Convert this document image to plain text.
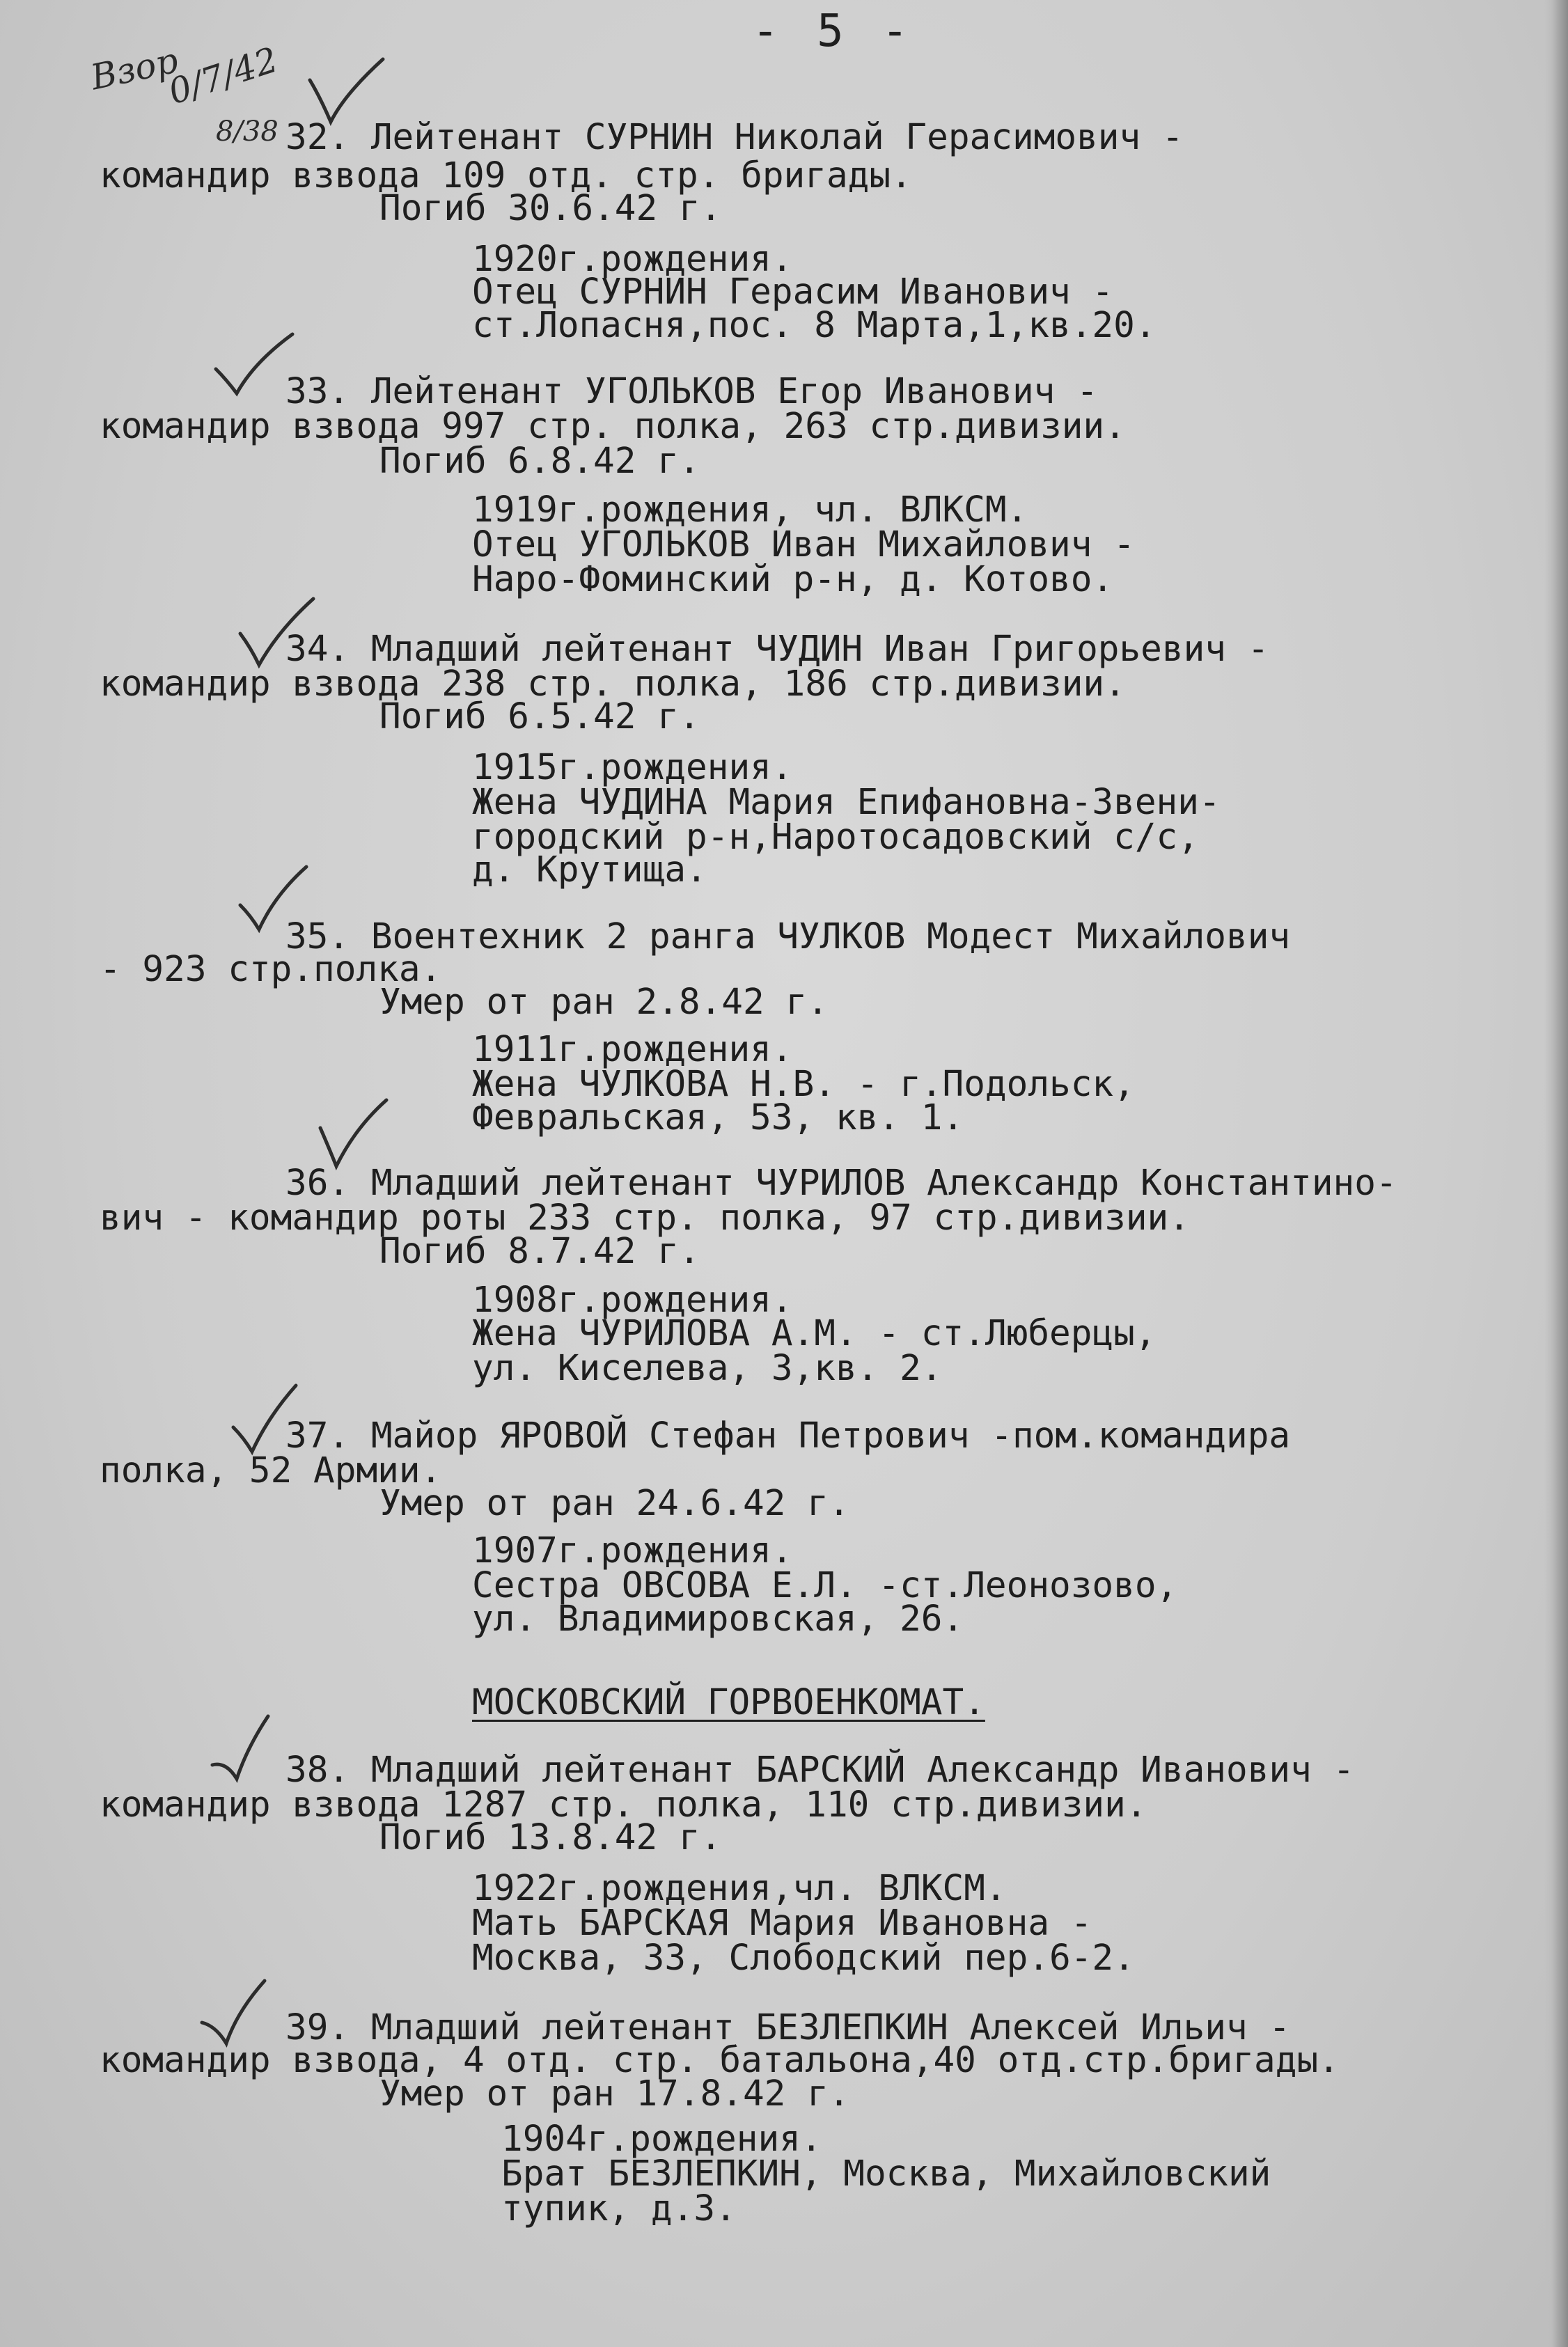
- 5 -
Взор
0/7/42
8/38 32. Лейтенант СУРНИН Николай Герасимович -
командир взвода 109 отд. стр. бригады.
Погиб 30.6.42 г.
1920г.рождения.
Отец СУРНИН Герасим Иванович -
ст.Лопасня,пос. 8 Марта,1,кв.20.
33. Лейтенант УГОЛЬКОВ Егор Иванович -
командир взвода 997 стр. полка, 263 стр.дивизии.
Погиб 6.8.42 г.
1919г.рождения, чл. ВЛКСМ.
Отец УГОЛЬКОВ Иван Михайлович -
Наро-Фоминский р-н, д. Котово.
34. Младший лейтенант ЧУДИН Иван Григорьевич -
командир взвода 238 стр. полка, 186 стр.дивизии.
Погиб 6.5.42 г.
1915г.рождения.
Жена ЧУДИНА Мария Епифановна-Звени-
городский р-н,Наротосадовский с/с,
д. Крутища.
35. Воентехник 2 ранга ЧУЛКОВ Модест Михайлович
- 923 стр.полка.
Умер от ран 2.8.42 г.
1911г.рождения.
Жена ЧУЛКОВА Н.В. - г.Подольск,
Февральская, 53, кв. 1.
36. Младший лейтенант ЧУРИЛОВ Александр Константино-
вич - командир роты 233 стр. полка, 97 стр.дивизии.
Погиб 8.7.42 г.
1908г.рождения.
Жена ЧУРИЛОВА А.М. - ст.Люберцы,
ул. Киселева, 3,кв. 2.
37. Майор ЯРОВОЙ Стефан Петрович -пом.командира
полка, 52 Армии.
Умер от ран 24.6.42 г.
1907г.рождения.
Сестра ОВСОВА Е.Л. -ст.Леонозово,
ул. Владимировская, 26.
МОСКОВСКИЙ ГОРВОЕНКОМАТ.
38. Младший лейтенант БАРСКИЙ Александр Иванович -
командир взвода 1287 стр. полка, 110 стр.дивизии.
Погиб 13.8.42 г.
1922г.рождения,чл. ВЛКСМ.
Мать БАРСКАЯ Мария Ивановна -
Москва, 33, Слободский пер.6-2.
39. Младший лейтенант БЕЗЛЕПКИН Алексей Ильич -
командир взвода, 4 отд. стр. батальона,40 отд.стр.бригады.
Умер от ран 17.8.42 г.
1904г.рождения.
Брат БЕЗЛЕПКИН, Москва, Михайловский
тупик, д.3.
